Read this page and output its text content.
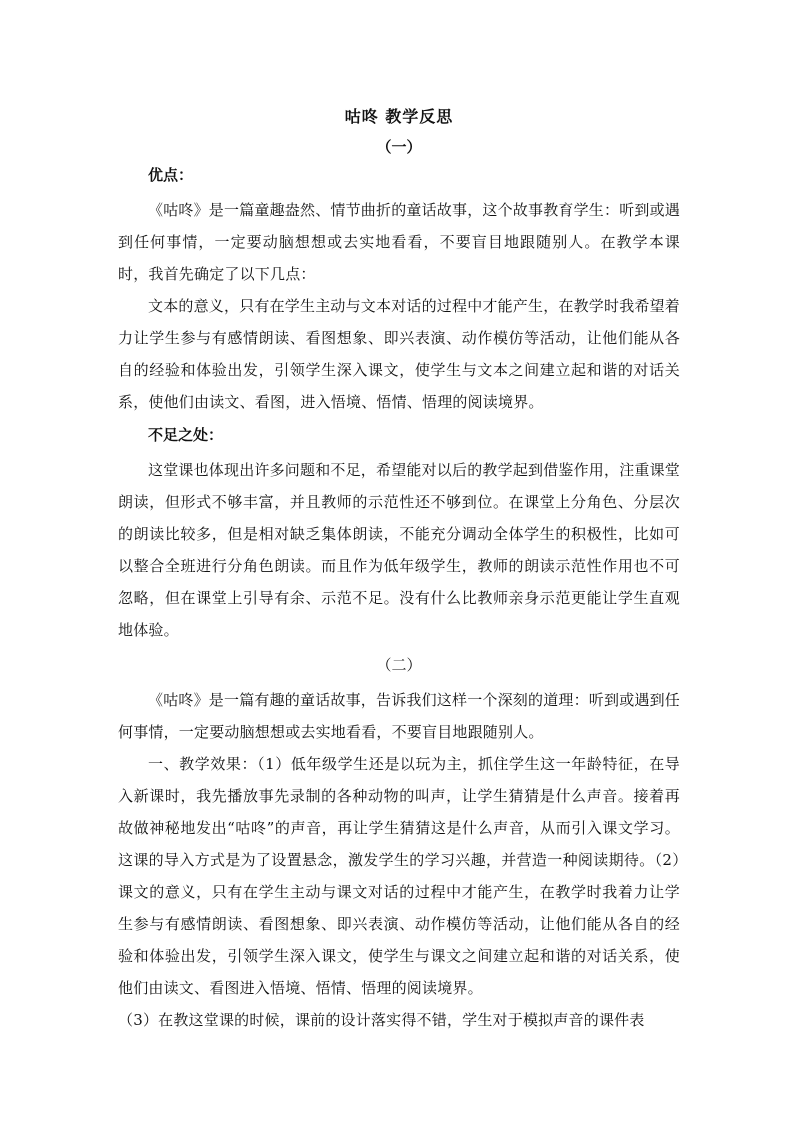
咕咚 教学反思
（一）
优点：

《咕咚》是一篇童趣盎然、情节曲折的童话故事，这个故事教育学生：听到或遇到任何事情，一定要动脑想想或去实地看看，不要盲目地跟随别人。在教学本课时，我首先确定了以下几点：

文本的意义，只有在学生主动与文本对话的过程中才能产生，在教学时我希望着力让学生参与有感情朗读、看图想象、即兴表演、动作模仿等活动，让他们能从各自的经验和体验出发，引领学生深入课文，使学生与文本之间建立起和谐的对话关系，使他们由读文、看图，进入悟境、悟情、悟理的阅读境界。

不足之处：

这堂课也体现出许多问题和不足，希望能对以后的教学起到借鉴作用，注重课堂朗读，但形式不够丰富，并且教师的示范性还不够到位。在课堂上分角色、分层次的朗读比较多，但是相对缺乏集体朗读，不能充分调动全体学生的积极性，比如可以整合全班进行分角色朗读。而且作为低年级学生，教师的朗读示范性作用也不可忽略，但在课堂上引导有余、示范不足。没有什么比教师亲身示范更能让学生直观地体验。

（二）

《咕咚》是一篇有趣的童话故事，告诉我们这样一个深刻的道理：听到或遇到任何事情，一定要动脑想想或去实地看看，不要盲目地跟随别人。

一、教学效果：（1）低年级学生还是以玩为主，抓住学生这一年龄特征，在导入新课时，我先播放事先录制的各种动物的叫声，让学生猜猜是什么声音。接着再故做神秘地发出“咕咚”的声音，再让学生猜猜这是什么声音，从而引入课文学习。这课的导入方式是为了设置悬念，激发学生的学习兴趣，并营造一种阅读期待。（2）课文的意义，只有在学生主动与课文对话的过程中才能产生，在教学时我着力让学生参与有感情朗读、看图想象、即兴表演、动作模仿等活动，让他们能从各自的经验和体验出发，引领学生深入课文，使学生与课文之间建立起和谐的对话关系，使他们由读文、看图进入悟境、悟情、悟理的阅读境界。

（3）在教这堂课的时候，课前的设计落实得不错，学生对于模拟声音的课件表
